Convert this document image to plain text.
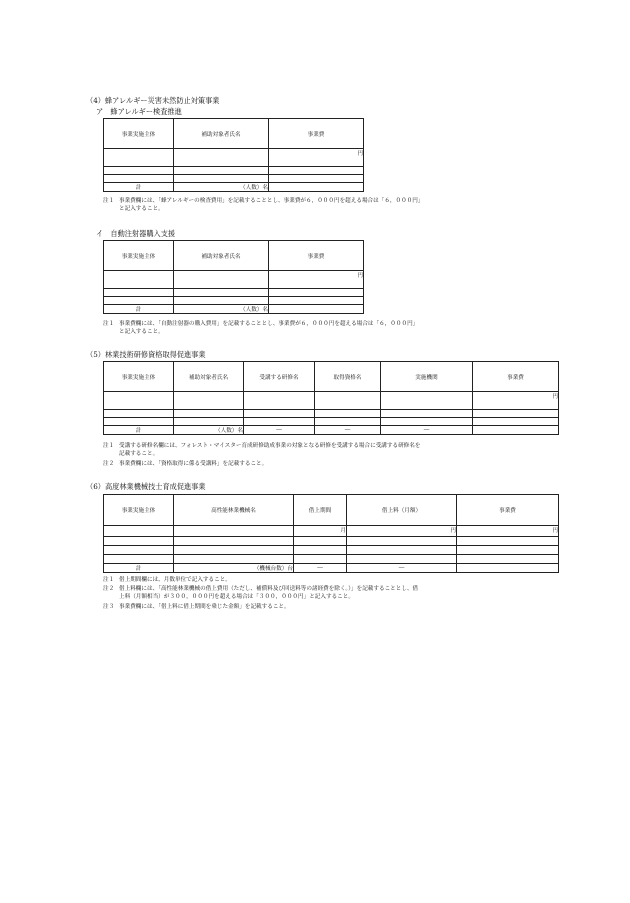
（4）蜂アレルギー災害未然防止対策事業
ア　蜂アレルギー検査推進
事業実施主体	補助対象者氏名	事業費
		円

計	（人数）名	
注１ 事業費欄には、「蜂アレルギーの検査費用」を記載することとし、事業費が６，０００円を超える場合は「６，０００円」
と記入すること。
イ　自動注射器購入支援
事業実施主体	補助対象者氏名	事業費
		円

計	（人数）名	
注１ 事業費欄には、「自動注射器の購入費用」を記載することとし、事業費が６，０００円を超える場合は「６，０００円」
と記入すること。
（5）林業技術研修資格取得促進事業
事業実施主体	補助対象者氏名	受講する研修名	取得資格名	実施機関	事業費
					円

計	（人数）名	―	―	―	
注１ 受講する研修名欄には、フォレスト・マイスター育成研修助成事業の対象となる研修を受講する場合に受講する研修名を
記載すること。
注２ 事業費欄には、「資格取得に係る受講料」を記載すること。
（6）高度林業機械技士育成促進事業
事業実施主体	高性能林業機械名	借上期間	借上料（月額）	事業費
		月	円	円

計	（機械台数）台	―	―	
注１ 借上期間欄には、月数単位で記入すること。
注２ 借上料欄には、「高性能林業機械の借上費用（ただし、補償料及び回送料等の諸経費を除く。）」を記載することとし、借
上料（月額相当）が３００，０００円を超える場合は「３００，０００円」と記入すること。
注３ 事業費欄には、「借上料に借上期間を乗じた金額」を記載すること。
